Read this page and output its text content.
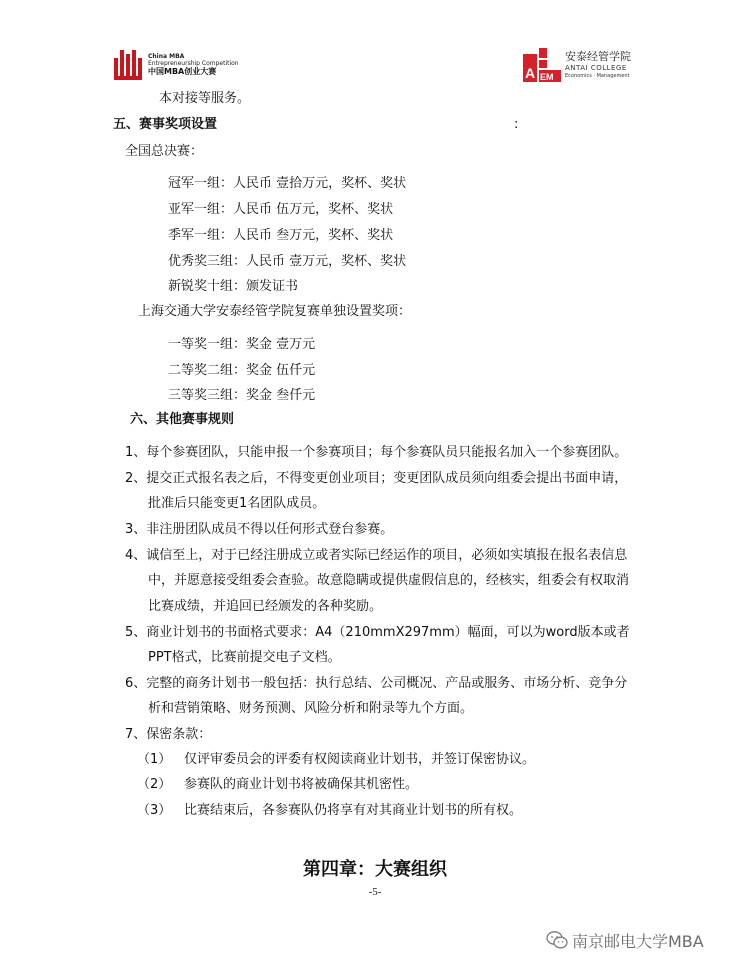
China MBA
Entrepreneurship Competition
中国MBA创业大赛	A EM
安泰经管学院
ANTAI COLLEGE
Economics · Management
本对接等服务。
五、赛事奖项设置	:
全国总决赛：
冠军一组：人民币 壹拾万元，奖杯、奖状
亚军一组：人民币 伍万元，奖杯、奖状
季军一组：人民币 叁万元，奖杯、奖状
优秀奖三组：人民币 壹万元，奖杯、奖状
新锐奖十组：颁发证书
上海交通大学安泰经管学院复赛单独设置奖项：
一等奖一组：奖金 壹万元
二等奖二组：奖金 伍仟元
三等奖三组：奖金 叁仟元
六、其他赛事规则
1、每个参赛团队，只能申报一个参赛项目；每个参赛队员只能报名加入一个参赛团队。
2、提交正式报名表之后，不得变更创业项目；变更团队成员须向组委会提出书面申请，
批准后只能变更1名团队成员。
3、非注册团队成员不得以任何形式登台参赛。
4、诚信至上，对于已经注册成立或者实际已经运作的项目，必须如实填报在报名表信息
中，并愿意接受组委会查验。故意隐瞒或提供虚假信息的，经核实，组委会有权取消
比赛成绩，并追回已经颁发的各种奖励。
5、商业计划书的书面格式要求：A4（210mmX297mm）幅面，可以为word版本或者
PPT格式，比赛前提交电子文档。
6、完整的商务计划书一般包括：执行总结、公司概况、产品或服务、市场分析、竞争分
析和营销策略、财务预测、风险分析和附录等九个方面。
7、保密条款：
（1） 仅评审委员会的评委有权阅读商业计划书，并签订保密协议。
（2） 参赛队的商业计划书将被确保其机密性。
（3） 比赛结束后，各参赛队仍将享有对其商业计划书的所有权。
第四章：大赛组织
-5-
南京邮电大学MBA
